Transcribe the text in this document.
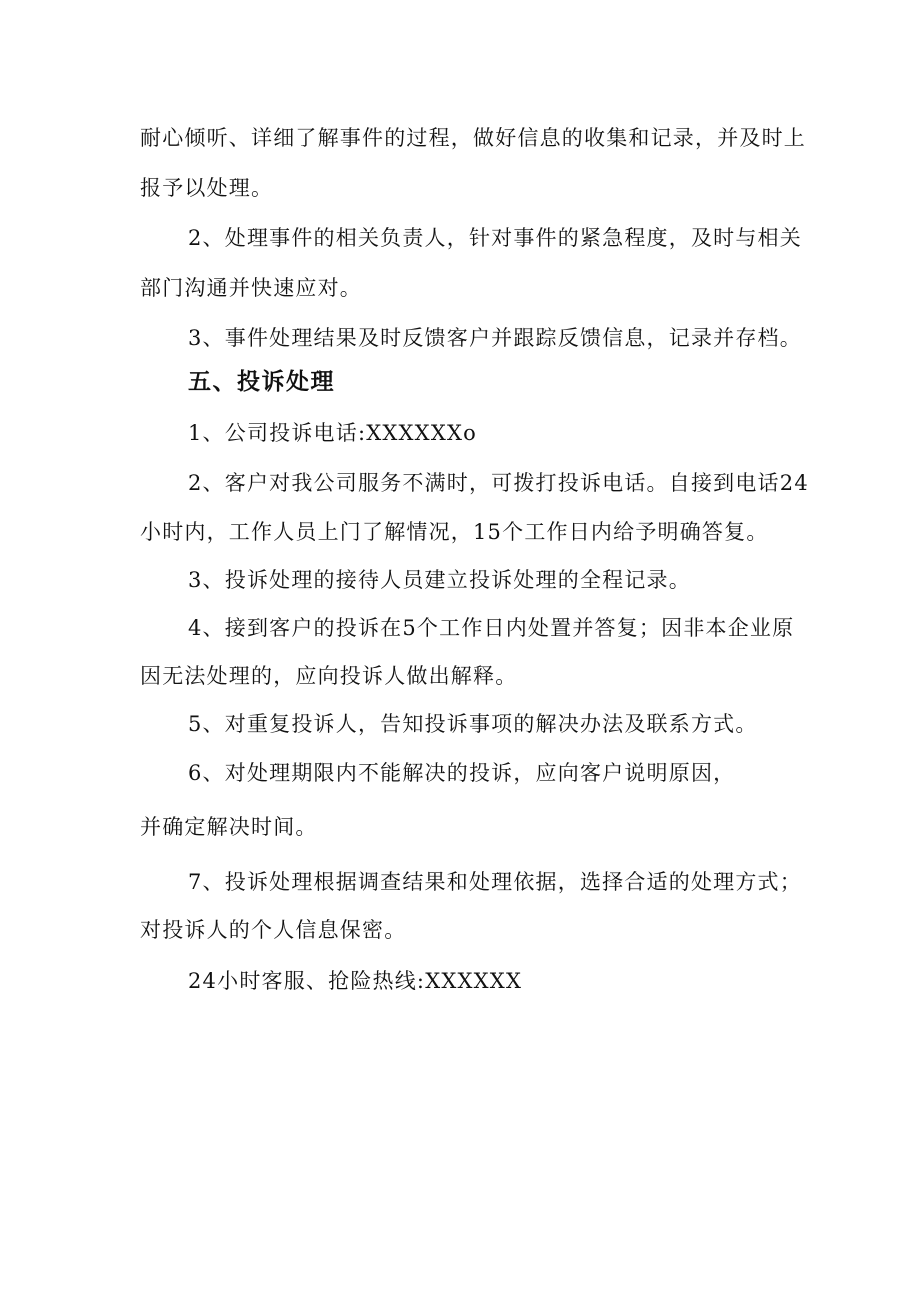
耐心倾听、详细了解事件的过程，做好信息的收集和记录，并及时上
报予以处理。
2、处理事件的相关负责人，针对事件的紧急程度，及时与相关
部门沟通并快速应对。
3、事件处理结果及时反馈客户并跟踪反馈信息，记录并存档。
五、投诉处理
1、公司投诉电话:XXXXXXo
2、客户对我公司服务不满时，可拨打投诉电话。自接到电话24
小时内，工作人员上门了解情况，15个工作日内给予明确答复。
3、投诉处理的接待人员建立投诉处理的全程记录。
4、接到客户的投诉在5个工作日内处置并答复；因非本企业原
因无法处理的，应向投诉人做出解释。
5、对重复投诉人，告知投诉事项的解决办法及联系方式。
6、对处理期限内不能解决的投诉，应向客户说明原因，
并确定解决时间。
7、投诉处理根据调查结果和处理依据，选择合适的处理方式；
对投诉人的个人信息保密。
24小时客服、抢险热线:XXXXXX
